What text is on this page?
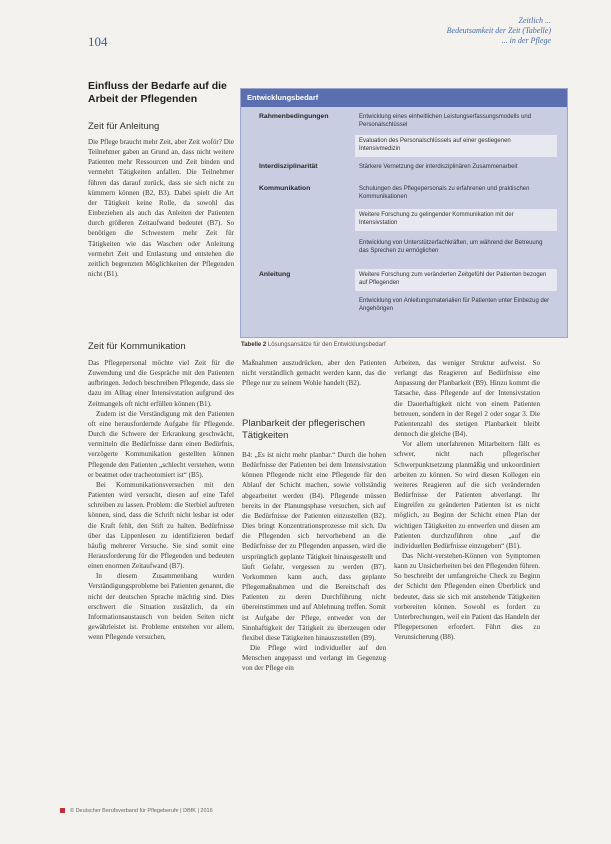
104
Zeitlich ...
Bedeutsamkeit der Zeit (Tabelle)
... in der Pflege
Einfluss der Bedarfe auf die Arbeit der Pflegenden
Zeit für Anleitung

Die Pflege braucht mehr Zeit, aber Zeit woför? Die Teilnehmer gaben an Grund an, dass nicht weitere Patienten mehr Ressourcen und Zeit binden und vermehrt Tätigkeiten anfallen. Die Teilnehmer führen das darauf zurück, dass sie sich nicht zu kümmern können (B2, B3). Dabei spielt die Art der Tätigkeit keine Rolle, da sowohl das Einbeziehen als auch das Anleiten der Patienten durch größeren Zeitaufwand bedeutet (B7). So benötigen die Schwestern mehr Zeit für Tätigkeiten wie das Waschen oder Anleitung vermehrt Zeit und Entlastung und entstehen die zeitlich begrenzten Möglichkeiten der Pflegenden nicht (B1).

Entwicklungsbedarf
Rahmenbedingungen	Entwicklung eines einheitlichen Leistungserfassungsmodells und Personalschlüssel
Evaluation des Personalschlüssels auf einer gestiegenen Intensivmedizin
Interdisziplinarität	Stärkere Vernetzung der interdisziplinären Zusammenarbeit
Kommunikation	Schulungen des Pflegepersonals zu erfahrenen und praktischen Kommunikationen
Weitere Forschung zu gelingender Kommunikation mit der Intensivstation
Entwicklung von Unterstützerfachkräften, um während der Betreuung das Sprechen zu ermöglichen
Anleitung	Weitere Forschung zum veränderten Zeitgefühl der Patienten bezogen auf Pflegenden
Entwicklung von Anleitungsmaterialien für Patienten unter Einbezug der Angehörigen
Tabelle 2 Lösungsansätze für den Entwicklungsbedarf
Zeit für Kommunikation

Das Pflegepersonal möchte viel Zeit für die Zuwendung und die Gespräche mit den Patienten aufbringen. Jedoch beschreiben Pflegende, dass sie dazu im Alltag einer Intensivstation aufgrund des Zeitmangels oft nicht erfüllen können (B1).

Zudem ist die Verständigung mit den Patienten oft eine herausfordernde Aufgabe für Pflegende. Durch die Schwere der Erkrankung geschwächt, vermitteln die Bedürfnisse dann einen Bedürfnis, verzögerte Kommunikation gestellten können Pflegende den Patienten „schlecht verstehen, wenn er beatmet oder tracheotomiert ist“ (B5).

Bei Kommunikationsversuchen mit den Patienten wird versucht, diesen auf eine Tafel schreiben zu lassen. Problem: die Sterbiel auftreten können, sind, dass die Schrift nicht lesbar ist oder die Kraft fehlt, den Stift zu halten. Bedürfnisse über das Lippenlesen zu identifizieren bedarf häufig mehrerer Versuche. Sie sind somit eine Herausforderung für die Pflegenden und bedeuten einen enormen Zeitaufwand (B7).

In diesem Zusammenhang wurden Verständigungsprobleme bei Patienten genannt, die nicht der deutschen Sprache mächtig sind. Dies erschwert die Situation zusätzlich, da ein Informationsaustausch von beiden Seiten nicht gewährleistet ist. Probleme entstehen vor allem, wenn Pflegende versuchen,

Maßnahmen auszudrücken, aber den Patienten nicht verständlich gemacht werden kann, das die Pflege nur zu seinem Wohle handelt (B2).

Planbarkeit der pflegerischen Tätigkeiten

B4: „Es ist nicht mehr planbar.“ Durch die hohen Bedürfnisse der Patienten bei dem Intensivstation können Pflegende nicht eine Pflegende für den Ablauf der Schicht machen, sowie vollständig abgearbeitet werden (B4). Pflegende müssen bereits in der Planungsphase versuchen, sich auf die Bedürfnisse der Patienten einzustellen (B2). Dies bringt Konzentrationsprozesse mit sich. Da die Pflegenden sich hervorhebend an die Bedürfnisse der zu Pflegenden anpassen, wird die ursprünglich geplante Tätigkeit hinausgestellt und läuft Gefahr, vergessen zu werden (B7). Vorkommen kann auch, dass geplante Pflegemaßnahmen und die Bereitschaft des Patienten zu deren Durchführung nicht übereinstimmen und auf Ablehnung treffen. Somit ist Aufgabe der Pflege, entweder von der Sinnhaftigkeit der Tätigkeit zu überzeugen oder flexibel diese Tätigkeiten hinauszustellen (B9).

Die Pflege wird individueller auf den Menschen angepasst und verlangt im Gegenzug von der Pflege ein

Arbeiten, das weniger Struktur aufweist. So verlangt das Reagieren auf Bedürfnisse eine Anpassung der Planbarkeit (B9). Hinzu kommt die Tatsache, dass Pflegende auf der Intensivstation die Dauerhaftigkeit nicht von einem Patienten betreuen, sondern in der Regel 2 oder sogar 3. Die Patientenzahl des stetigen Planbarkeit bleibt dennoch die gleiche (B4).

Vor allem unerfahrenen Mitarbeitern fällt es schwer, nicht nach pflegerischer Schwerpunktsetzung planmäßig und unkoordiniert arbeiten zu können. So wird diesen Kollegen ein weiteres Reagieren auf die sich verändernden Bedürfnisse der Patienten abverlangt. Ihr Eingreifen zu geänderten Patienten ist es nicht möglich, zu Beginn der Schicht einen Plan der wichtigen Tätigkeiten zu entwerfen und diesen am Patienten durchzuführen ohne „auf die individuellen Bedürfnisse einzugehen“ (B1).

Das Nicht-verstehen-Können von Symptomen kann zu Unsicherheiten bei den Pflegenden führen. So beschreibt der umfangreiche Check zu Beginn der Schicht den Pflegenden einen Überblick und bedeutet, dass sie sich mit anstehende Tätigkeiten vorbereiten können. Sowohl es fordert zu Unterbrechungen, weil ein Patient das Handeln der Pflegepersonen erfordert. Führt dies zu Verunsicherung (B8).

© Deutscher Berufsverband für Pflegeberufe | DBfK | 2016
